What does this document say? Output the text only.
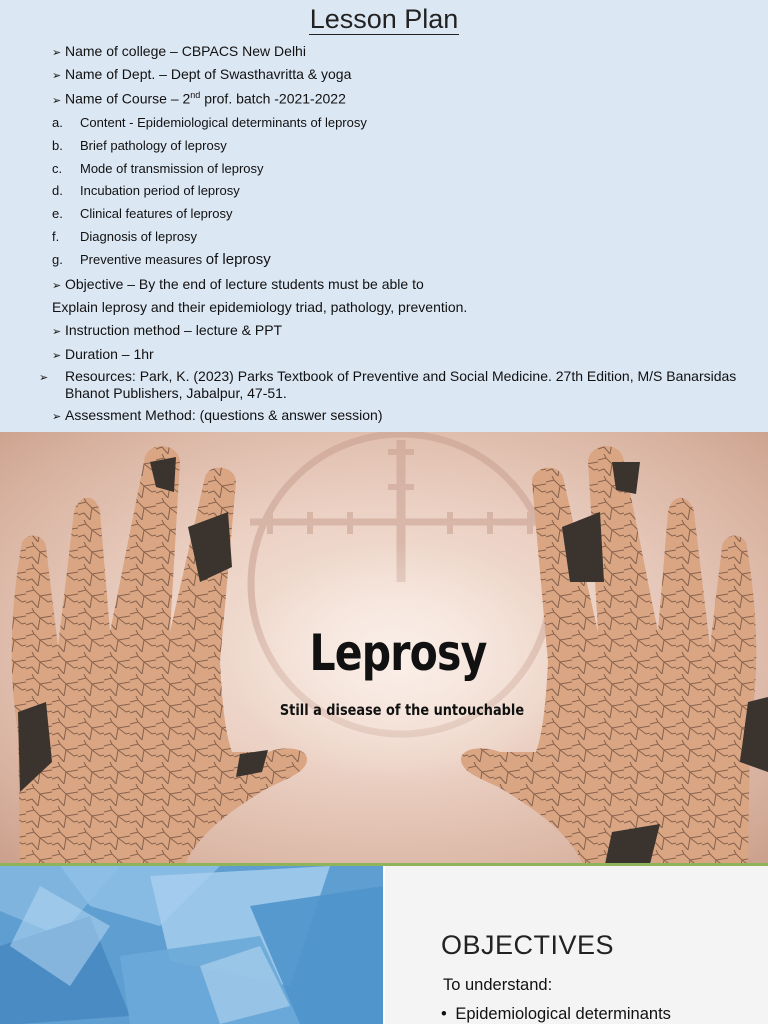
Lesson Plan
➢ Name of college – CBPACS New Delhi
➢ Name of Dept. – Dept of Swasthavritta & yoga
➢ Name of Course – 2nd prof. batch -2021-2022
a. Content - Epidemiological determinants of leprosy
b. Brief pathology of leprosy
c. Mode of transmission of leprosy
d. Incubation period of leprosy
e. Clinical features of leprosy
f. Diagnosis of leprosy
g. Preventive measures of leprosy
➢ Objective – By the end of lecture students must be able to
Explain leprosy and their epidemiology triad, pathology, prevention.
➢ Instruction method – lecture & PPT
➢ Duration – 1hr
➢ Resources: Park, K. (2023) Parks Textbook of Preventive and Social Medicine. 27th Edition, M/S Banarsidas Bhanot Publishers, Jabalpur, 47-51.
➢ Assessment Method: (questions & answer session)
Leprosy
Still a disease of the untouchable
OBJECTIVES
To understand:
• Epidemiological determinants
